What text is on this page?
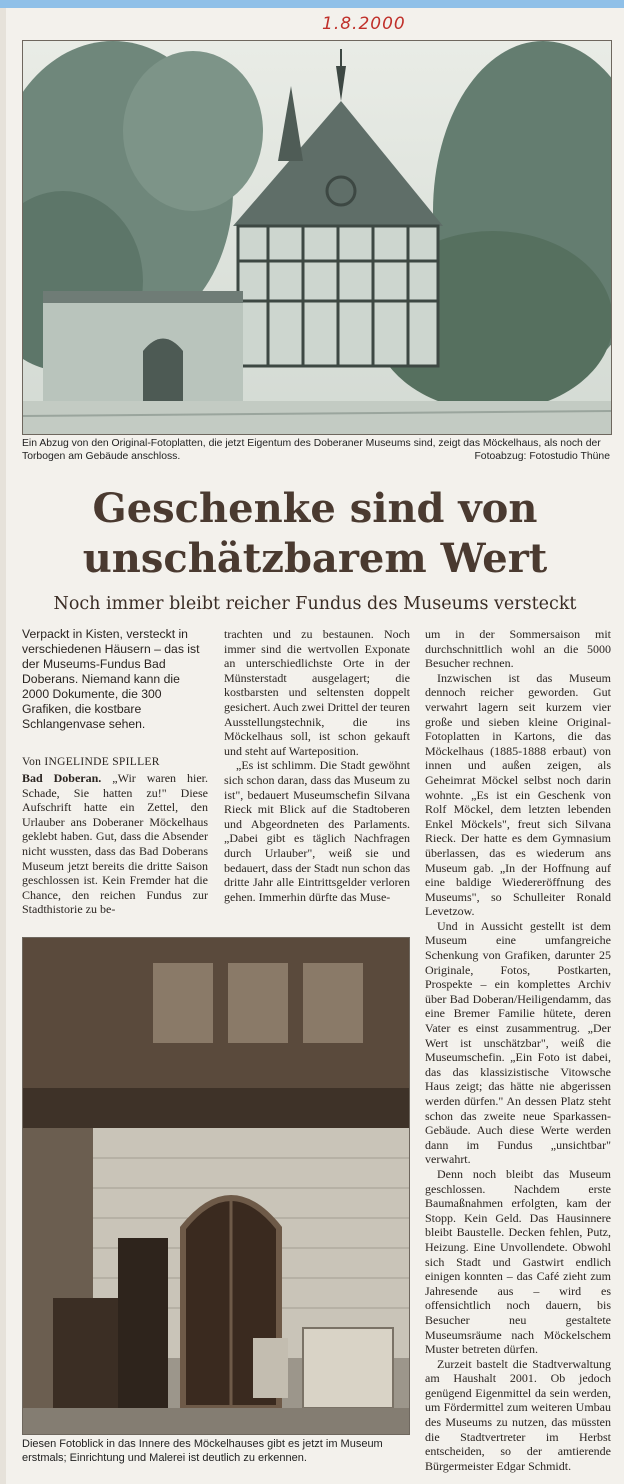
1.8.2000
Ein Abzug von den Original-Fotoplatten, die jetzt Eigentum des Doberaner Museums sind, zeigt das Möckelhaus, als noch der Torbogen am Gebäude anschloss.	Fotoabzug: Fotostudio Thüne
Geschenke sind von
unschätzbarem Wert
Noch immer bleibt reicher Fundus des Museums versteckt
Verpackt in Kisten, versteckt in verschiedenen Häusern – das ist der Museums-Fundus Bad Doberans. Niemand kann die 2000 Dokumente, die 300 Grafiken, die kostbare Schlangenvase sehen.
Von INGELINDE SPILLER

Bad Doberan. „Wir waren hier. Schade, Sie hatten zu!" Diese Aufschrift hatte ein Zettel, den Urlauber ans Doberaner Möckelhaus geklebt haben. Gut, dass die Absender nicht wussten, dass das Bad Doberans Museum jetzt bereits die dritte Saison geschlossen ist. Kein Fremder hat die Chance, den reichen Fundus zur Stadthistorie zu be-

trachten und zu bestaunen. Noch immer sind die wertvollen Exponate an unterschiedlichste Orte in der Münsterstadt ausgelagert; die kostbarsten und seltensten doppelt gesichert. Auch zwei Drittel der teuren Ausstellungstechnik, die ins Möckelhaus soll, ist schon gekauft und steht auf Warteposition.

„Es ist schlimm. Die Stadt gewöhnt sich schon daran, dass das Museum zu ist", bedauert Museumschefin Silvana Rieck mit Blick auf die Stadtoberen und Abgeordneten des Parlaments. „Dabei gibt es täglich Nachfragen durch Urlauber", weiß sie und bedauert, dass der Stadt nun schon das dritte Jahr alle Eintrittsgelder verloren gehen. Immerhin dürfte das Muse-

um in der Sommersaison mit durchschnittlich wohl an die 5000 Besucher rechnen.

Inzwischen ist das Museum dennoch reicher geworden. Gut verwahrt lagern seit kurzem vier große und sieben kleine Original-Fotoplatten in Kartons, die das Möckelhaus (1885-1888 erbaut) von innen und außen zeigen, als Geheimrat Möckel selbst noch darin wohnte. „Es ist ein Geschenk von Rolf Möckel, dem letzten lebenden Enkel Möckels", freut sich Silvana Rieck. Der hatte es dem Gymnasium überlassen, das es wiederum ans Museum gab. „In der Hoffnung auf eine baldige Wiedereröffnung des Museums", so Schulleiter Ronald Levetzow.

Und in Aussicht gestellt ist dem Museum eine umfangreiche Schenkung von Grafiken, darunter 25 Originale, Fotos, Postkarten, Prospekte – ein komplettes Archiv über Bad Doberan/Heiligendamm, das eine Bremer Familie hütete, deren Vater es einst zusammentrug. „Der Wert ist unschätzbar", weiß die Museumschefin. „Ein Foto ist dabei, das das klassizistische Vitowsche Haus zeigt; das hätte nie abgerissen werden dürfen." An dessen Platz steht schon das zweite neue Sparkassen-Gebäude. Auch diese Werte werden dann im Fundus „unsichtbar" verwahrt.

Denn noch bleibt das Museum geschlossen. Nachdem erste Baumaßnahmen erfolgten, kam der Stopp. Kein Geld. Das Hausinnere bleibt Baustelle. Decken fehlen, Putz, Heizung. Eine Unvollendete. Obwohl sich Stadt und Gastwirt endlich einigen konnten – das Café zieht zum Jahresende aus – wird es offensichtlich noch dauern, bis Besucher neu gestaltete Museumsräume nach Möckelschem Muster betreten dürfen.

Zurzeit bastelt die Stadtverwaltung am Haushalt 2001. Ob jedoch genügend Eigenmittel da sein werden, um Fördermittel zum weiteren Umbau des Museums zu nutzen, das müssten die Stadtvertreter im Herbst entscheiden, so der amtierende Bürgermeister Edgar Schmidt.

Diesen Fotoblick in das Innere des Möckelhauses gibt es jetzt im Museum erstmals; Einrichtung und Malerei ist deutlich zu erkennen.
